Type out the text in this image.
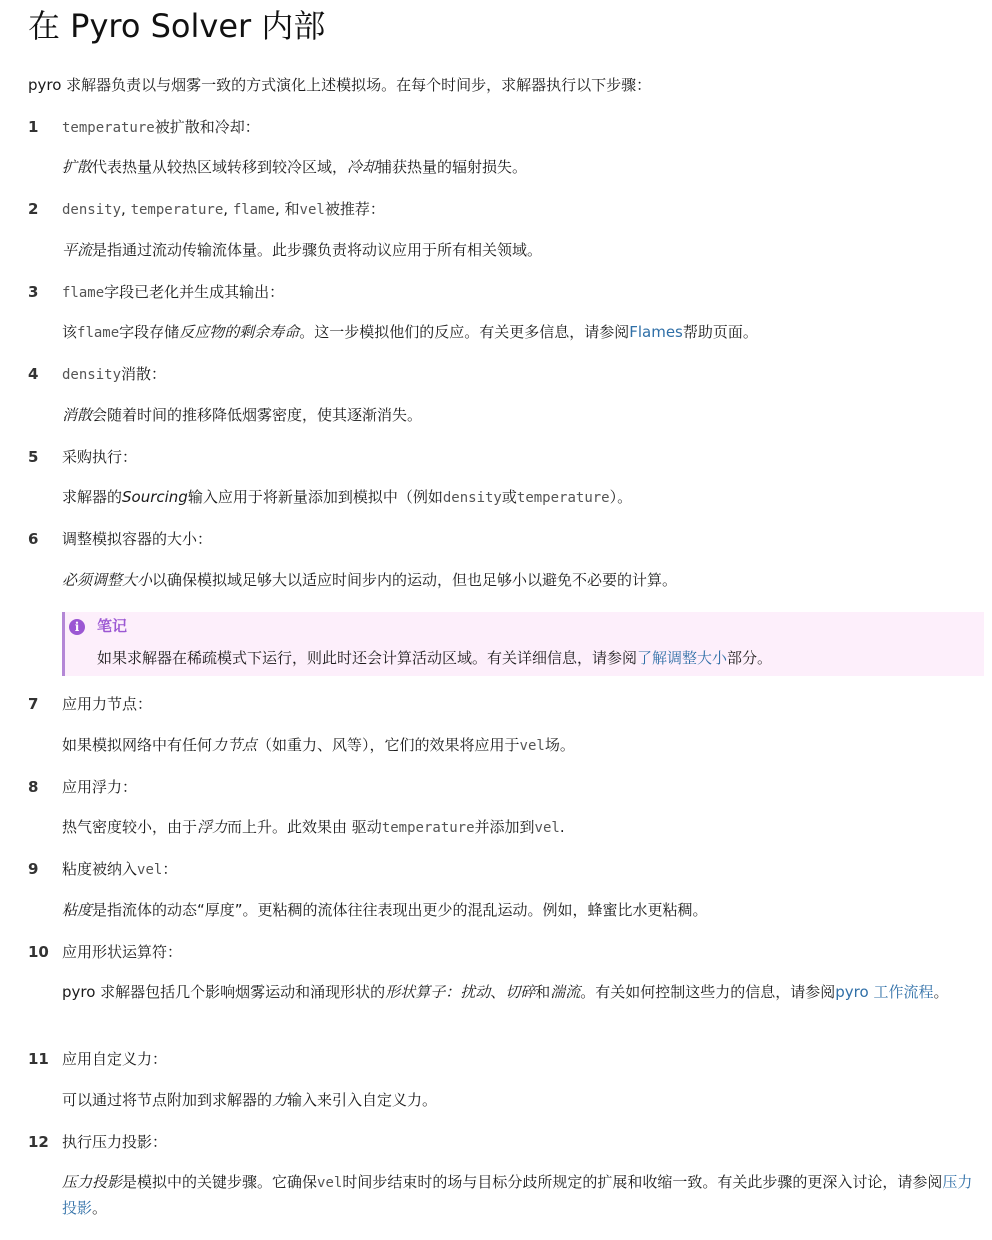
在 Pyro Solver 内部

pyro 求解器负责以与烟雾一致的方式演化上述模拟场。在每个时间步，求解器执行以下步骤：

1	temperature被扩散和冷却：

扩散代表热量从较热区域转移到较冷区域，冷却捕获热量的辐射损失。

2	density, temperature, flame, 和vel被推荐：

平流是指通过流动传输流体量。此步骤负责将动议应用于所有相关领域。

3	flame字段已老化并生成其输出：

该flame字段存储反应物的剩余寿命。这一步模拟他们的反应。有关更多信息，请参阅Flames帮助页面。

4	density消散：

消散会随着时间的推移降低烟雾密度，使其逐渐消失。

5	采购执行：

求解器的Sourcing输入应用于将新量添加到模拟中（例如density或temperature）。

6	调整模拟容器的大小：

必须调整大小以确保模拟域足够大以适应时间步内的运动，但也足够小以避免不必要的计算。

i	笔记
如果求解器在稀疏模式下运行，则此时还会计算活动区域。有关详细信息，请参阅了解调整大小部分。
7	应用力节点：

如果模拟网络中有任何力节点（如重力、风等），它们的效果将应用于vel场。

8	应用浮力：

热气密度较小，由于浮力而上升。此效果由 驱动temperature并添加到vel.

9	粘度被纳入vel：

粘度是指流体的动态“厚度”。更粘稠的流体往往表现出更少的混乱运动。例如，蜂蜜比水更粘稠。

10 应用形状运算符：

pyro 求解器包括几个影响烟雾运动和涌现形状的形状算子：扰动、切碎和湍流。有关如何控制这些力的信息，请参阅pyro 工作流程。

11 应用自定义力：

可以通过将节点附加到求解器的力输入来引入自定义力。

12 执行压力投影：

压力投影是模拟中的关键步骤。它确保vel时间步结束时的场与目标分歧所规定的扩展和收缩一致。有关此步骤的更深入讨论，请参阅压力投影。
